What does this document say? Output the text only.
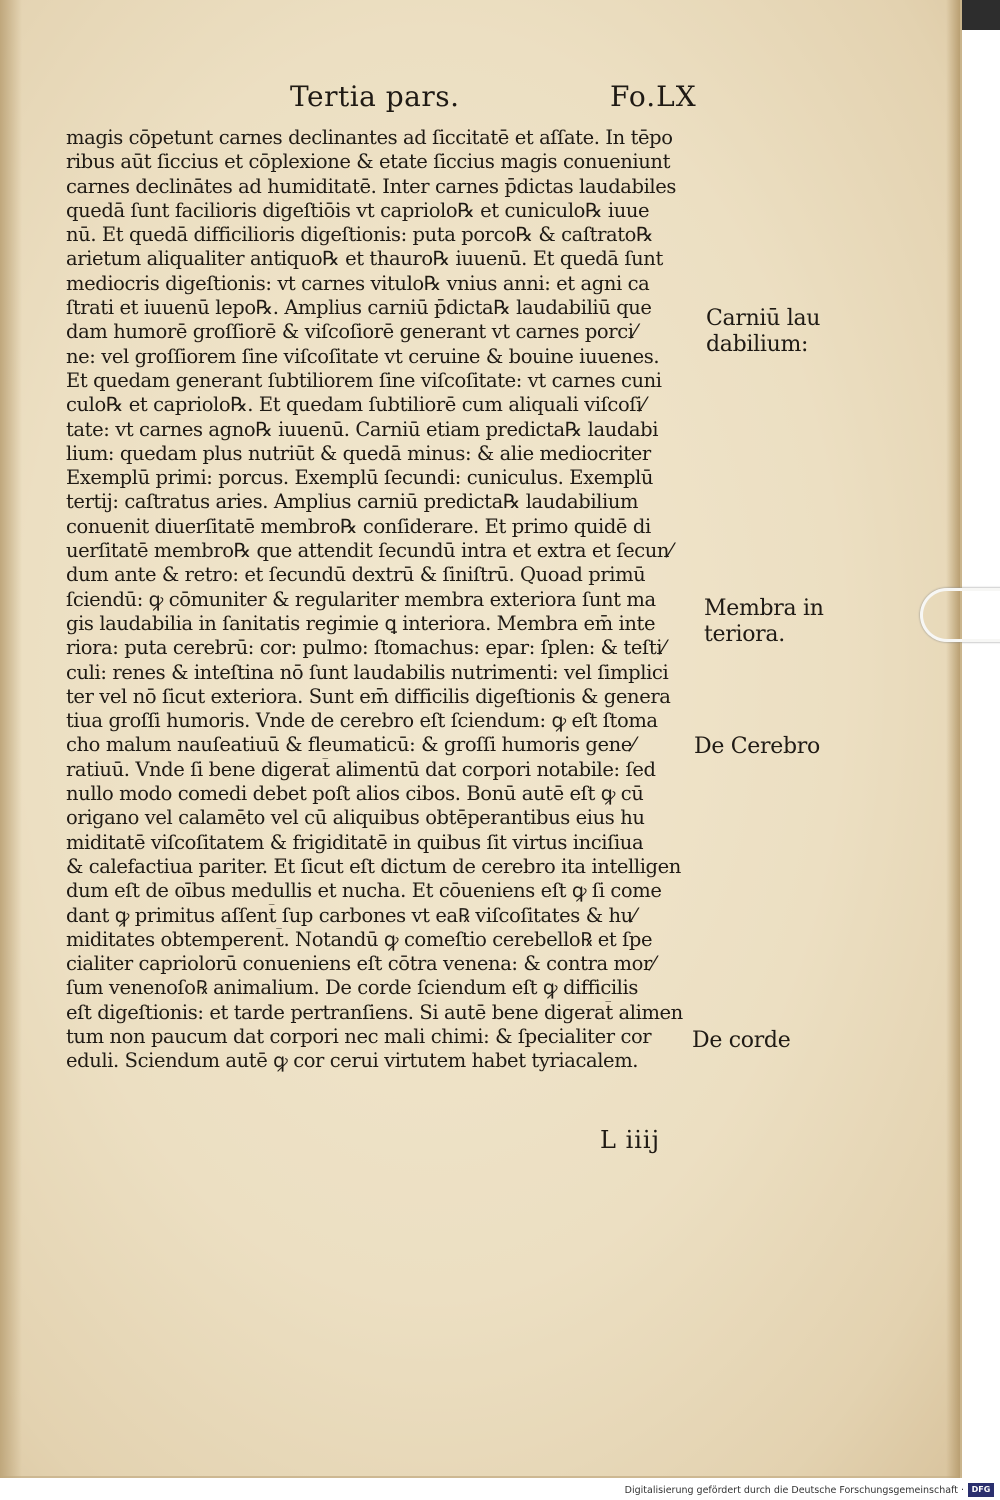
Tertia pars.	Fo.LX
magis cōpetunt carnes declinantes ad ſiccitatē et aſſate. In tēpo
ribus aūt ſiccius et cōplexione & etate ſiccius magis conueniunt
carnes declinātes ad humiditatē. Inter carnes p̄dictas laudabiles
quedā ſunt facilioris digeſtiōis vt capriolo℞ et cuniculo℞ iuue
nū. Et quedā difficilioris digeſtionis: puta porco℞ & caſtrato℞
arietum aliqualiter antiquo℞ et thauro℞ iuuenū. Et quedā ſunt
mediocris digeſtionis: vt carnes vitulo℞ vnius anni: et agni ca
ſtrati et iuuenū lepo℞. Amplius carniū p̄dicta℞ laudabiliū que
dam humorē groſſiorē & viſcoſiorē generant vt carnes porci⁄
ne: vel groſſiorem ſine viſcoſitate vt ceruine & bouine iuuenes.
Et quedam generant ſubtiliorem ſine viſcoſitate: vt carnes cuni
culo℞ et capriolo℞. Et quedam ſubtiliorē cum aliquali viſcoſi⁄
tate: vt carnes agno℞ iuuenū. Carniū etiam predicta℞ laudabi
lium: quedam plus nutriūt & quedā minus: & alie mediocriter
Exemplū primi: porcus. Exemplū ſecundi: cuniculus. Exemplū
tertij: caſtratus aries. Amplius carniū predicta℞ laudabilium
conuenit diuerſitatē membro℞ conſiderare. Et primo quidē di
uerſitatē membro℞ que attendit ſecundū intra et extra et ſecun⁄
dum ante & retro: et ſecundū dextrū & ſiniſtrū. Quoad primū
ſciendū: ꝙ cōmuniter & regulariter membra exteriora ſunt ma
gis laudabilia in ſanitatis regimie ꝗ interiora. Membra em̄ inte
riora: puta cerebrū: cor: pulmo: ſtomachus: epar: ſplen: & teſti⁄
culi: renes & inteſtina nō ſunt laudabilis nutrimenti: vel ſimplici
ter vel nō ſicut exteriora. Sunt em̄ difficilis digeſtionis & genera
tiua groſſi humoris. Vnde de cerebro eſt ſciendum: ꝙ eſt ſtoma
cho malum nauſeatiuū & fleumaticū: & groſſi humoris gene⁄
ratiuū. Vnde ſi bene digerat̄ alimentū dat corpori notabile: ſed
nullo modo comedi debet poſt alios cibos. Bonū autē eſt ꝙ cū
origano vel calamēto vel cū aliquibus obtēperantibus eius hu
miditatē viſcoſitatem & frigiditatē in quibus ſit virtus inciſiua
& calefactiua pariter. Et ſicut eſt dictum de cerebro ita intelligen
dum eſt de oībus medullis et nucha. Et cōueniens eſt ꝙ ſi come
dant ꝙ primitus aſſent̄ ſup carbones vt ea℞ viſcoſitates & hu⁄
miditates obtemperent̄. Notandū ꝙ comeſtio cerebello℞ et ſpe
cialiter capriolorū conueniens eſt cōtra venena: & contra mor⁄
ſum venenoſo℞ animalium. De corde ſciendum eſt ꝙ difficilis
eſt digeſtionis: et tarde pertranſiens. Si autē bene digerat̄ alimen
tum non paucum dat corpori nec mali chimi: & ſpecialiter cor
eduli. Sciendum autē ꝙ cor cerui virtutem habet tyriacalem.
Carniū lau
dabilium:
Membra in
teriora.
De Cerebro
De corde
L iiij
Digitalisierung gefördert durch die Deutsche Forschungsgemeinschaft · DFG
